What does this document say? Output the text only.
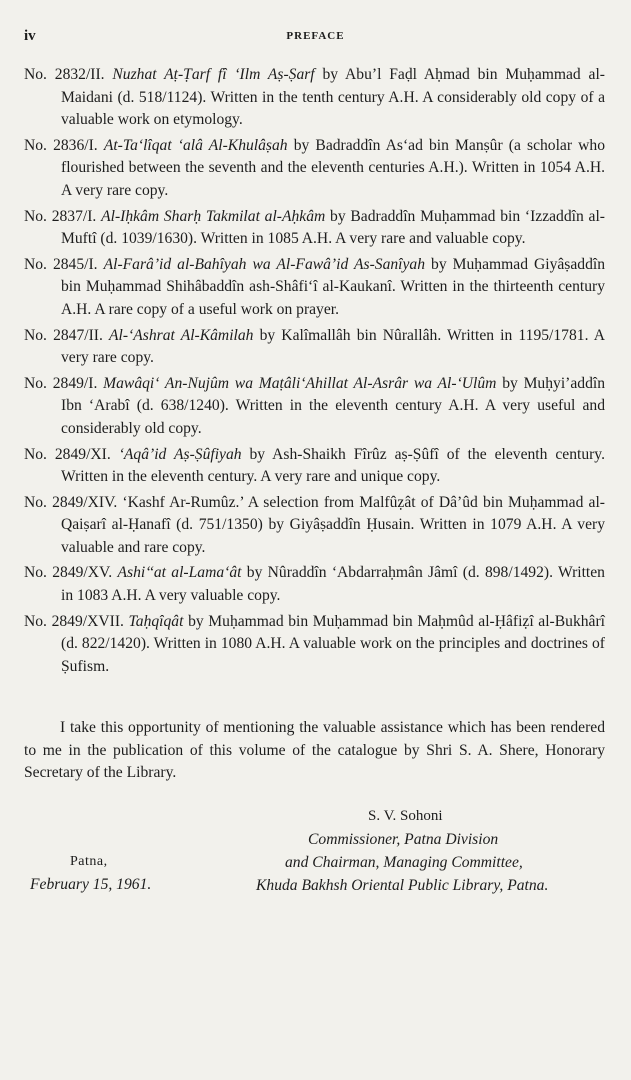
iv	PREFACE

No. 2832/II. Nuzhat Aṭ-Ṭarf fî ‘Ilm Aṣ-Ṣarf by Abu’l Faḍl Aḥmad bin Muḥammad al-Maidani (d. 518/1124). Written in the tenth century A.H. A considerably old copy of a valuable work on etymology.

No. 2836/I. At-Ta‘lîqat ‘alâ Al-Khulâṣah by Badraddîn As‘ad bin Manṣûr (a scholar who flourished between the seventh and the eleventh centuries A.H.). Written in 1054 A.H. A very rare copy.

No. 2837/I. Al-Iḥkâm Sharḥ Takmilat al-Aḥkâm by Badraddîn Muḥammad bin ‘Izzaddîn al-Muftî (d. 1039/1630). Written in 1085 A.H. A very rare and valuable copy.

No. 2845/I. Al-Farâ’id al-Bahîyah wa Al-Fawâ’id As-Sanîyah by Muḥammad Giyâṣaddîn bin Muḥammad Shihâbaddîn ash-Shâfi‘î al-Kaukanî. Written in the thirteenth century A.H. A rare copy of a useful work on prayer.

No. 2847/II. Al-‘Ashrat Al-Kâmilah by Kalîmallâh bin Nûrallâh. Written in 1195/1781. A very rare copy.

No. 2849/I. Mawâqi‘ An-Nujûm wa Maṭâli‘Ahillat Al-Asrâr wa Al-‘Ulûm by Muḥyi’addîn Ibn ‘Arabî (d. 638/1240). Written in the eleventh century A.H. A very useful and considerably old copy.

No. 2849/XI. ‘Aqâ’id Aṣ-Ṣûfiyah by Ash-Shaikh Fîrûz aṣ-Ṣûfî of the eleventh century. Written in the eleventh century. A very rare and unique copy.

No. 2849/XIV. ‘Kashf Ar-Rumûz.’ A selection from Malfûẓât of Dâ’ûd bin Muḥammad al-Qaiṣarî al-Ḥanafî (d. 751/1350) by Giyâṣaddîn Ḥusain. Written in 1079 A.H. A very valuable and rare copy.

No. 2849/XV. Ashi‘‘at al-Lama‘ât by Nûraddîn ‘Abdarraḥmân Jâmî (d. 898/1492). Written in 1083 A.H. A very valuable copy.

No. 2849/XVII. Taḥqîqât by Muḥammad bin Muḥammad bin Maḥmûd al-Ḥâfiẓî al-Bukhârî (d. 822/1420). Written in 1080 A.H. A valuable work on the principles and doctrines of Ṣufism.

I take this opportunity of mentioning the valuable assistance which has been rendered to me in the publication of this volume of the catalogue by Shri S. A. Shere, Honorary Secretary of the Library.

S. V. Sohoni
Commissioner, Patna Division
and Chairman, Managing Committee,
Khuda Bakhsh Oriental Public Library, Patna.
Patna,
February 15, 1961.
